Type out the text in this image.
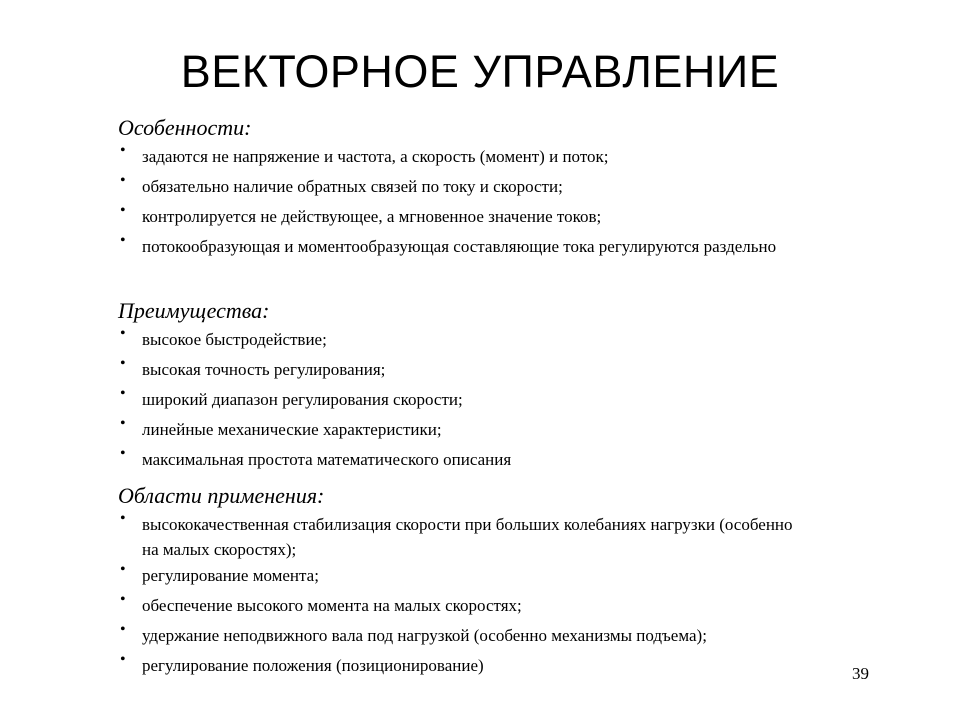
ВЕКТОРНОЕ УПРАВЛЕНИЕ

Особенности:

• задаются не напряжение и частота, а скорость (момент) и поток;
• обязательно наличие обратных связей по току и скорости;
• контролируется не действующее, а мгновенное значение токов;
• потокообразующая и моментообразующая составляющие тока регулируются раздельно

Преимущества:

• высокое быстродействие;
• высокая точность регулирования;
• широкий диапазон регулирования скорости;
• линейные механические характеристики;
• максимальная простота математического описания

Области применения:

• высококачественная стабилизация скорости при больших колебаниях нагрузки (особенно на малых скоростях);
• регулирование момента;
• обеспечение высокого момента на малых скоростях;
• удержание неподвижного вала под нагрузкой (особенно механизмы подъема);
• регулирование положения (позиционирование)	39
